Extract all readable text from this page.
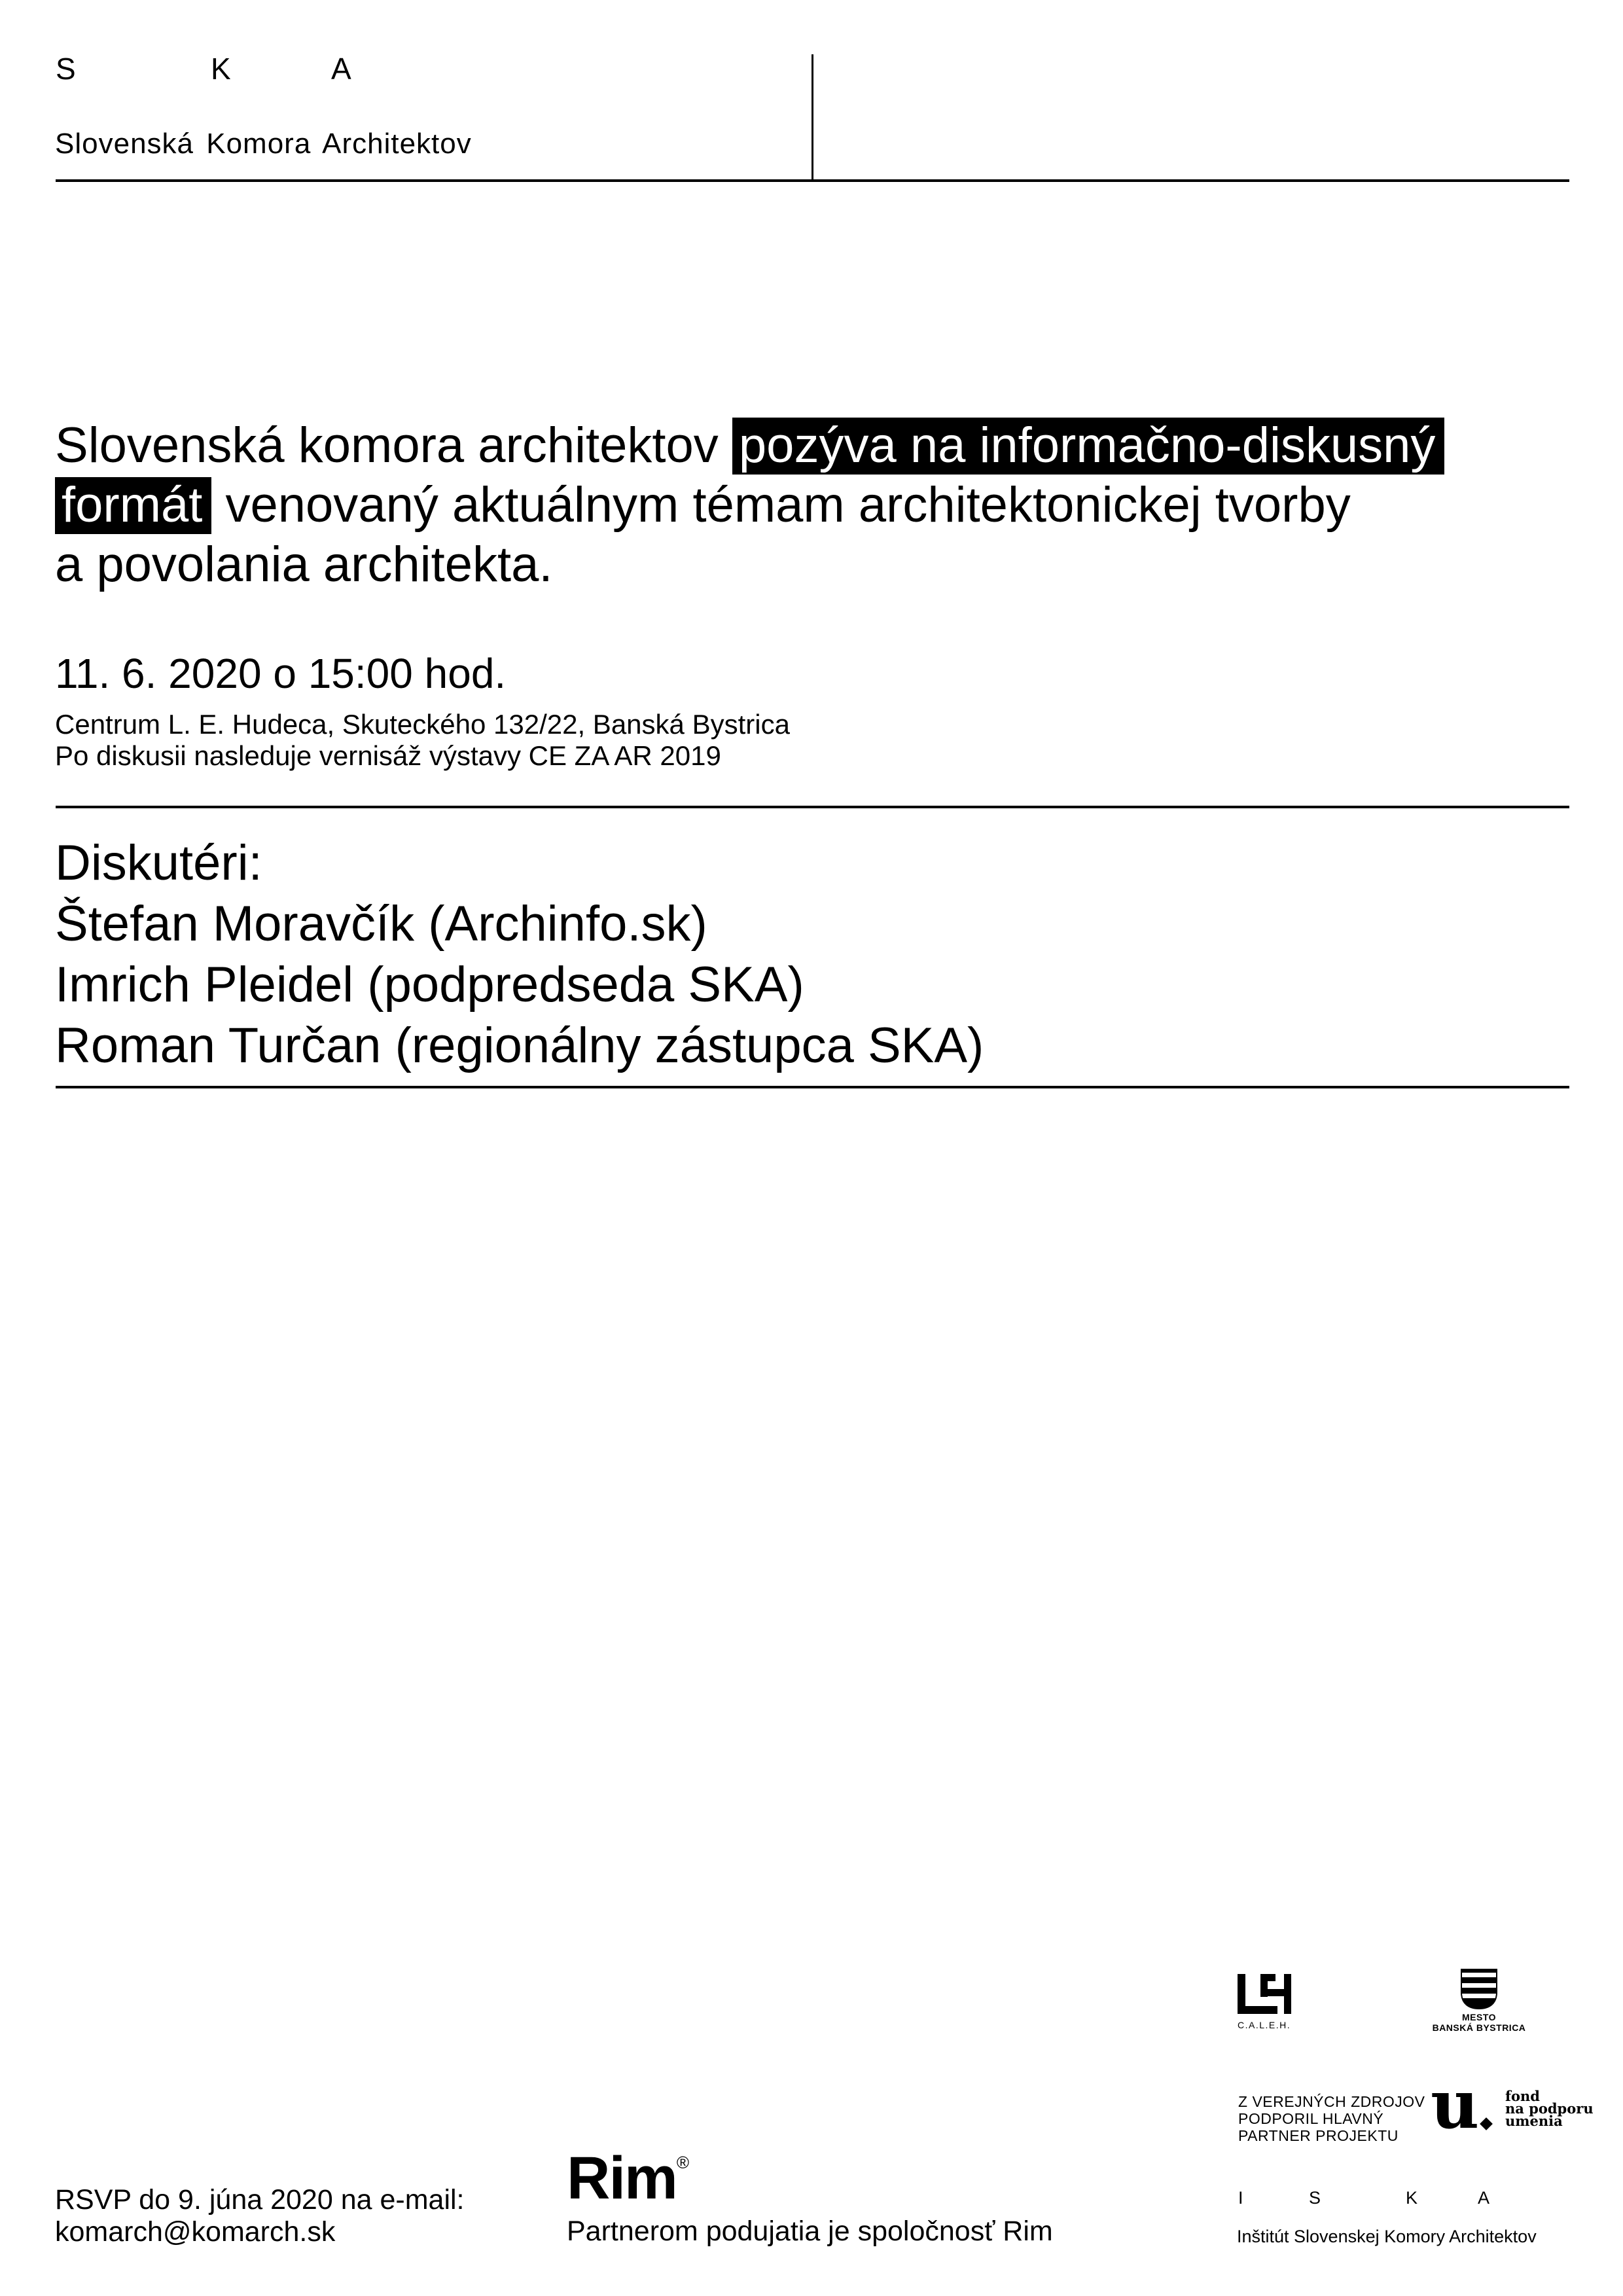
S	K	A
Slovenská Komora Architektov
Slovenská komora architektov pozýva na informačno-diskusný
formát venovaný aktuálnym témam architektonickej tvorby
a povolania architekta.
11. 6. 2020 o 15:00 hod.
Centrum L. E. Hudeca, Skuteckého 132/22, Banská Bystrica
Po diskusii nasleduje vernisáž výstavy CE ZA AR 2019
Diskutéri:
Štefan Moravčík (Archinfo.sk)
Imrich Pleidel (podpredseda SKA)
Roman Turčan (regionálny zástupca SKA)
C.A.L.E.H.
MESTO
BANSKÁ BYSTRICA
Z VEREJNÝCH ZDROJOV
PODPORIL HLAVNÝ
PARTNER PROJEKTU u fond
na podporu
umenia
RSVP do 9. júna 2020 na e-mail:
komarch@komarch.sk
Rim®
Partnerom podujatia je spoločnosť Rim
I	S	K	A
Inštitút Slovenskej Komory Architektov
